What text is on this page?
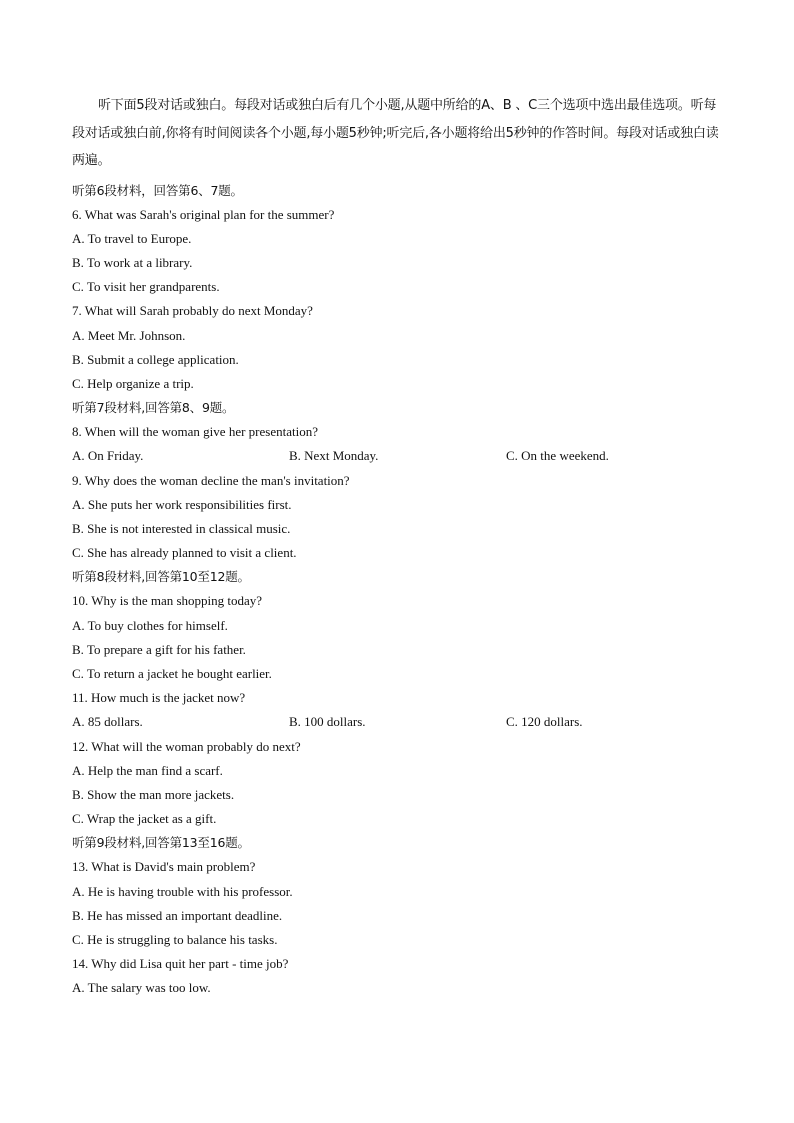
听下面5段对话或独白。每段对话或独白后有几个小题,从题中所给的A、B 、C三个选项中选出最佳选项。听每段对话或独白前,你将有时间阅读各个小题,每小题5秒钟;听完后,各小题将给出5秒钟的作答时间。每段对话或独白读两遍。

听第6段材料，回答第6、7题。

6. What was Sarah's original plan for the summer?

A. To travel to Europe.

B. To work at a library.

C. To visit her grandparents.

7. What will Sarah probably do next Monday?

A. Meet Mr. Johnson.

B. Submit a college application.

C. Help organize a trip.

听第7段材料,回答第8、9题。

8. When will the woman give her presentation?

A. On Friday.	B. Next Monday.	C. On the weekend.

9. Why does the woman decline the man's invitation?

A. She puts her work responsibilities first.

B. She is not interested in classical music.

C. She has already planned to visit a client.

听第8段材料,回答第10至12题。

10. Why is the man shopping today?

A. To buy clothes for himself.

B. To prepare a gift for his father.

C. To return a jacket he bought earlier.

11. How much is the jacket now?

A. 85 dollars.	B. 100 dollars.	C. 120 dollars.

12. What will the woman probably do next?

A. Help the man find a scarf.

B. Show the man more jackets.

C. Wrap the jacket as a gift.

听第9段材料,回答第13至16题。

13. What is David's main problem?

A. He is having trouble with his professor.

B. He has missed an important deadline.

C. He is struggling to balance his tasks.

14. Why did Lisa quit her part - time job?

A. The salary was too low.
